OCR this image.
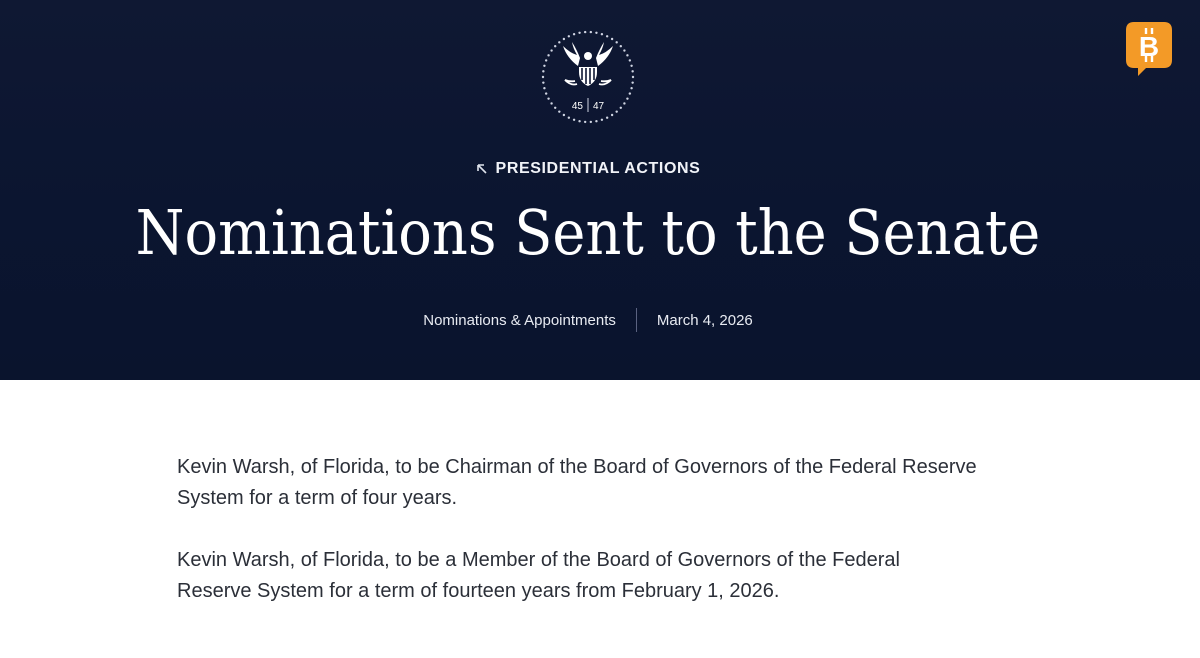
45 47
B
PRESIDENTIAL ACTIONS
Nominations Sent to the Senate
Nominations & Appointments	March 4, 2026

Kevin Warsh, of Florida, to be Chairman of the Board of Governors of the Federal Reserve System for a term of four years.

Kevin Warsh, of Florida, to be a Member of the Board of Governors of the Federal Reserve System for a term of fourteen years from February 1, 2026.
